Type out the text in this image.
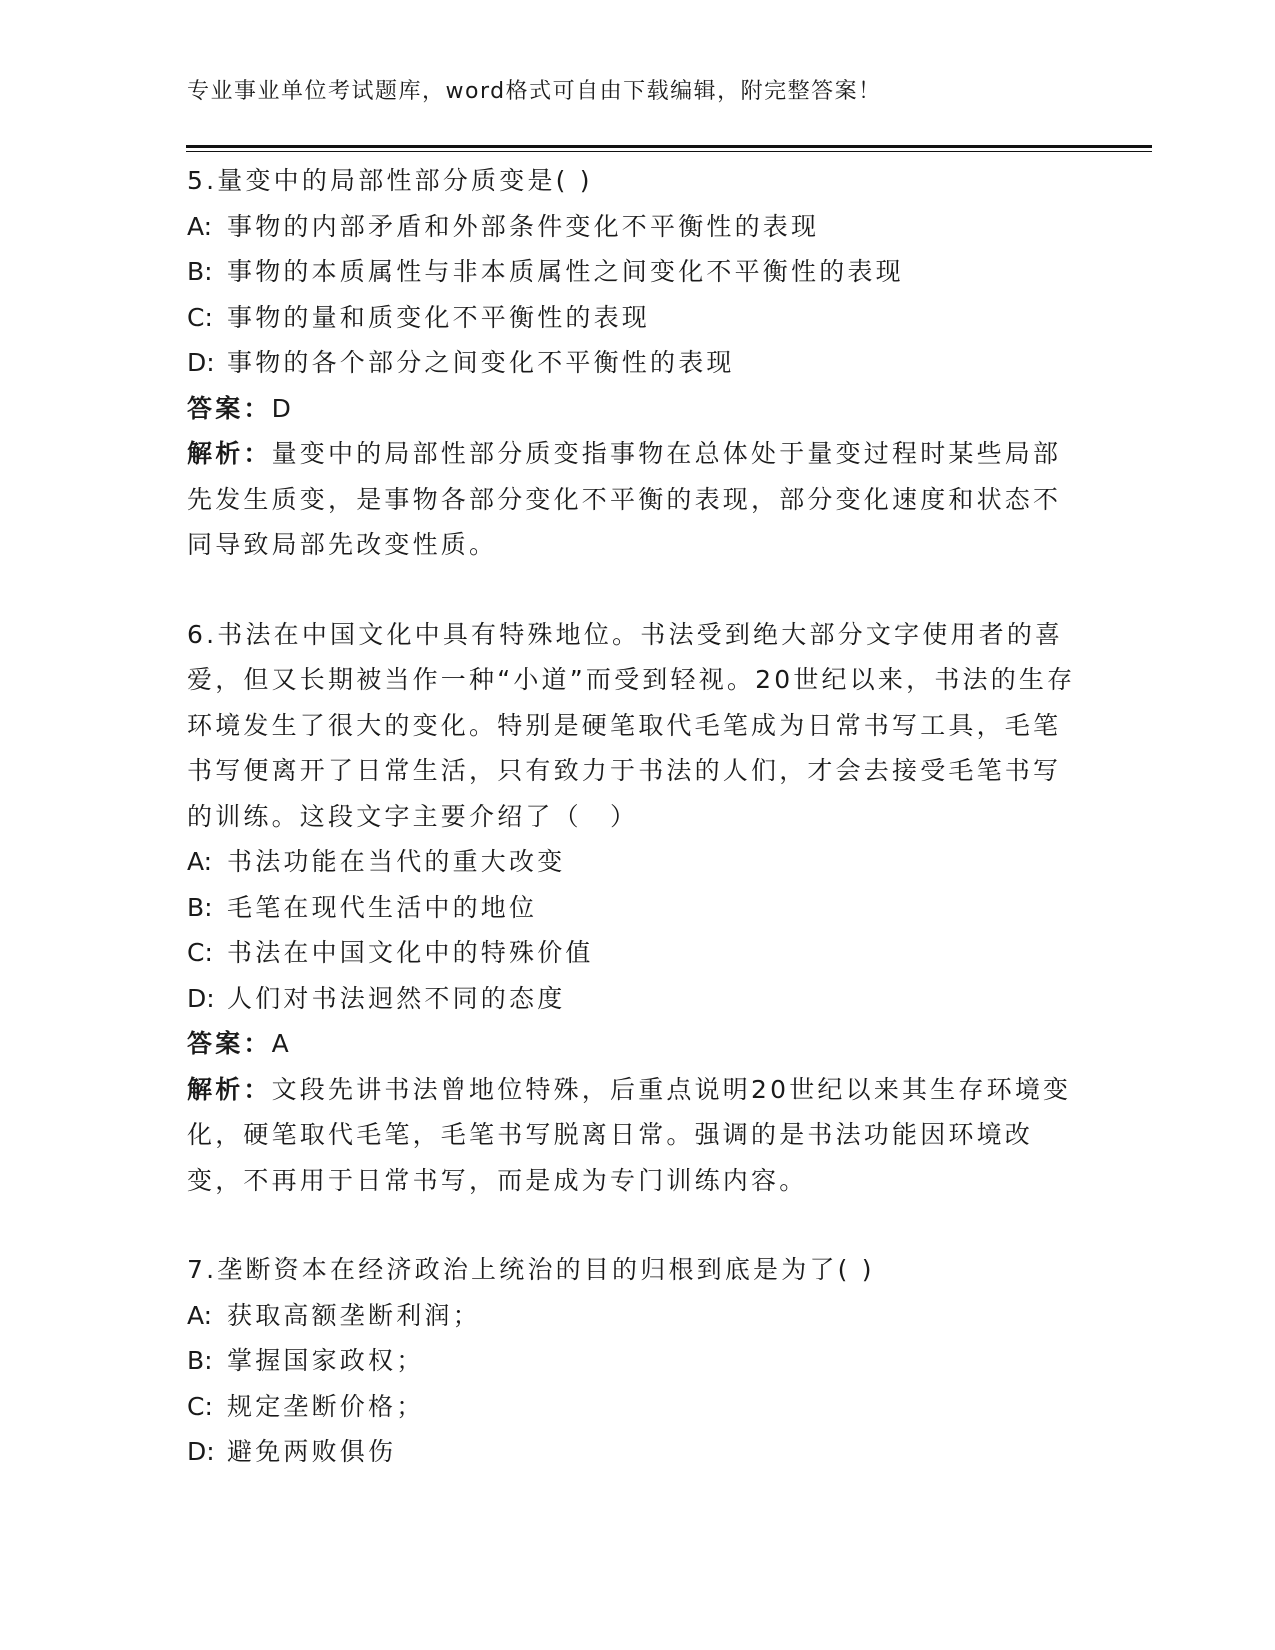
专业事业单位考试题库，word格式可自由下载编辑，附完整答案！

5.量变中的局部性部分质变是( )

A: 事物的内部矛盾和外部条件变化不平衡性的表现

B: 事物的本质属性与非本质属性之间变化不平衡性的表现

C: 事物的量和质变化不平衡性的表现

D: 事物的各个部分之间变化不平衡性的表现

答案：D

解析：量变中的局部性部分质变指事物在总体处于量变过程时某些局部先发生质变，是事物各部分变化不平衡的表现，部分变化速度和状态不同导致局部先改变性质。

6.书法在中国文化中具有特殊地位。书法受到绝大部分文字使用者的喜爱，但又长期被当作一种“小道”而受到轻视。20世纪以来，书法的生存环境发生了很大的变化。特别是硬笔取代毛笔成为日常书写工具，毛笔书写便离开了日常生活，只有致力于书法的人们，才会去接受毛笔书写的训练。这段文字主要介绍了（　）

A: 书法功能在当代的重大改变

B: 毛笔在现代生活中的地位

C: 书法在中国文化中的特殊价值

D: 人们对书法迥然不同的态度

答案：A

解析：文段先讲书法曾地位特殊，后重点说明20世纪以来其生存环境变化，硬笔取代毛笔，毛笔书写脱离日常。强调的是书法功能因环境改变，不再用于日常书写，而是成为专门训练内容。

7.垄断资本在经济政治上统治的目的归根到底是为了( )

A: 获取高额垄断利润；

B: 掌握国家政权；

C: 规定垄断价格；

D: 避免两败俱伤
